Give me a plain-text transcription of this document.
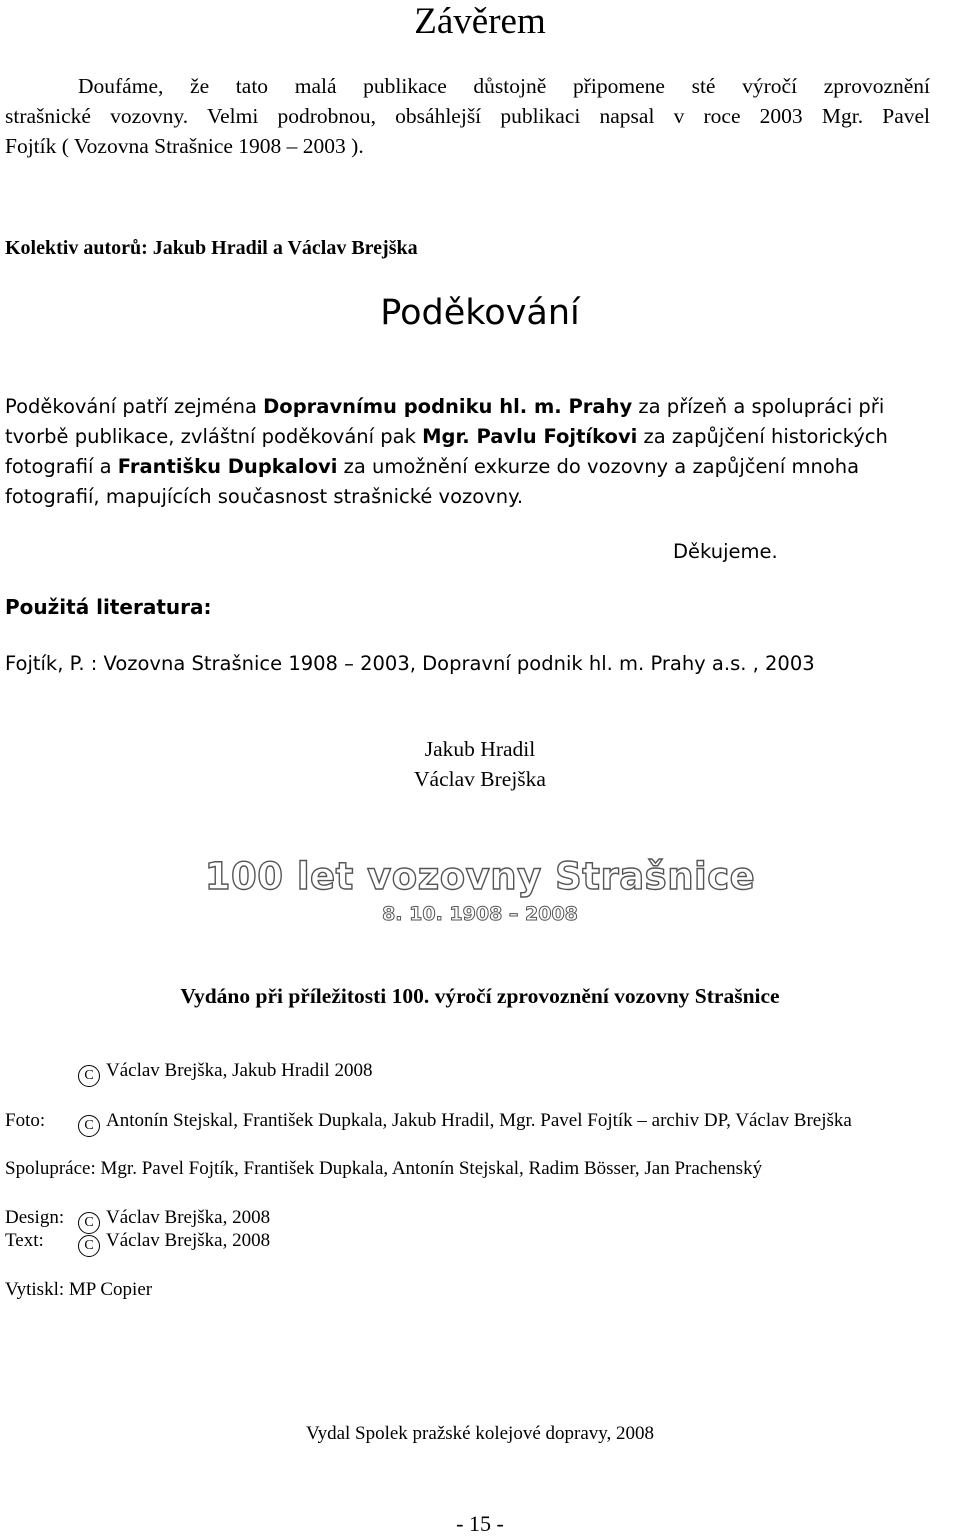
Závěrem
Doufáme, že tato malá publikace důstojně připomene sté výročí zprovoznění
strašnické vozovny. Velmi podrobnou, obsáhlejší publikaci napsal v roce 2003 Mgr. Pavel
Fojtík ( Vozovna Strašnice 1908 – 2003 ).
Kolektiv autorů: Jakub Hradil a Václav Brejška
Poděkování
Poděkování patří zejména Dopravnímu podniku hl. m. Prahy za přízeň a spolupráci při
tvorbě publikace, zvláštní poděkování pak Mgr. Pavlu Fojtíkovi za zapůjčení historických
fotografií a Františku Dupkalovi za umožnění exkurze do vozovny a zapůjčení mnoha
fotografií, mapujících současnost strašnické vozovny.
Děkujeme.
Použitá literatura:
Fojtík, P. : Vozovna Strašnice 1908 – 2003, Dopravní podnik hl. m. Prahy a.s. , 2003
Jakub Hradil
Václav Brejška
100 let vozovny Strašnice
8. 10. 1908 – 2008
Vydáno při příležitosti 100. výročí zprovoznění vozovny Strašnice
CVáclav Brejška, Jakub Hradil 2008
Foto: C	Antonín Stejskal, František Dupkala, Jakub Hradil, Mgr. Pavel Fojtík – archiv DP, Václav Brejška
Spolupráce: Mgr. Pavel Fojtík, František Dupkala, Antonín Stejskal, Radim Bösser, Jan Prachenský
Design: C	Václav Brejška, 2008
Text: C	Václav Brejška, 2008
Vytiskl: MP Copier
Vydal Spolek pražské kolejové dopravy, 2008
- 15 -
